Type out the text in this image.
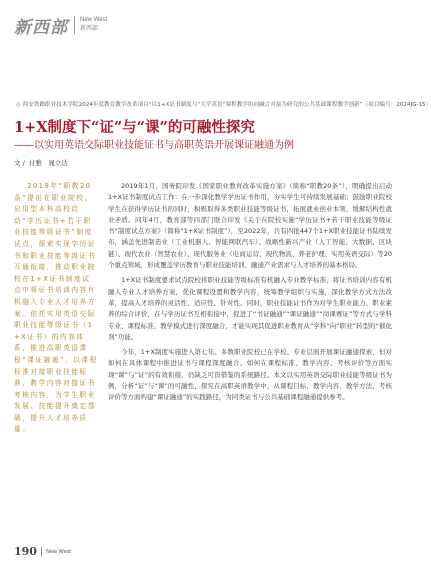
新西部 New West
新西部
◎ 西安铁路职业技术学院2024年度教育教学改革项目“以1+X证书制度与“大学英语”课程教学协同融合对接为研究的公共基础课程教学创新”（项目编号：2024JG-15）
1+X制度下“证”与“课”的可融性探究
——以实用英语交际职业技能证书与高职英语开展课证融通为例
文 / 付雅　晁立达

2019年“职教20条”提出在职业院校、应用型本科高校启动“学历证书+若干职业技能等级证书”制度试点，探索实现学历证书和职业技能等级证书互通衔接，推动职业院校在1+X证书制度试点中将证书培训内容有机融入专业人才培养方案。依托实用英语交际职业技能等级证书（1+X证书）的内容体系，推进高职英语课程“课证融通”，以课程标准对接职业技能标准，教学内容对接证书考核内容，为学生职业发展、技能提升奠定基础，提升人才培养质量。

2019年1月，国务院印发《国家职业教育改革实施方案》（简称“职教20条”），明确提出启动1+X证书制度试点工作：在一步深化教学学历证书作用，夯实学生可持续发展基础；鼓励职业院校学生在获得学历证书的同时，积极取得多类职业技能等级证书，拓展就业创业本领，缓解结构性就业矛盾。同年4月，教育部等四部门联合印发《关于在院校实施“学历证书+若干职业技能等级证书”制度试点方案》（简称“1+X证书制度”），至2022年，共有四批447个1+X职业技能证书陆续发布，涵盖先进制造业（工业机器人、智能网联汽车）、战略性新兴产业（人工智能、大数据、区块链）、现代农业（智慧农业）、现代服务业（电商运营、现代物流、养老护理、实用英语交际）等20个重点领域，形成覆盖学历教育与职业技能培训、融通产业需求与人才培养的基本格局。

1+X证书制度要求试点院校将职业技能等级标准有机融入专业教学标准，将证书培训内容有机融入专业人才培养方案，优化课程设置和教学内容，统筹教学组织与实施，深化教学方式方法改革，提高人才培养的灵活性、适应性、针对性。同时，职业技能证书作为对学生职业能力、职业素养的综合评价，在与学历证书互相衔接中，促进了“书证融通”“课证融通”“岗课赛证”等方式与学科专业、课程标准、教学模式进行深度融合，才能实现其促进职业教育从“学科”向“职业”转型的“催化剂”功能。

今年，1+X制度实施进入第七年。多数职业院校已在学校、专业层面开展课证融通探索，但对如何在具体课程中推进证书与课程深度融合、如何在课程标准、教学内容、考核评价等方面实现“课”与“证”的有效衔接，仍缺乏可资借鉴的系统路径。本文以实用英语交际职业技能等级证书为例，分析“证”与“课”的可融性，探究在高职英语教学中，从课程目标、教学内容、教学方法、考核评价等方面构建“课证融通”的实践路径，为同类证书与公共基础课程融通提供参考。

190 New West
